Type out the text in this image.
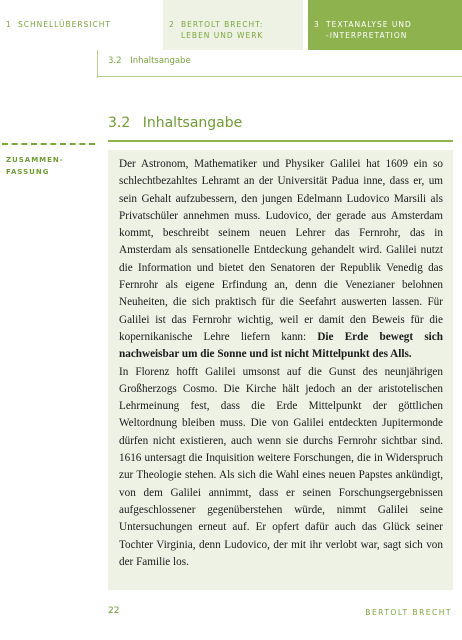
1 SCHNELLÜBERSICHT	2 BERTOLT BRECHT:
LEBEN UND WERK
3 TEXTANALYSE UND
-INTERPRETATION
3.2 Inhaltsangabe
3.2 Inhaltsangabe
ZUSAMMEN-
FASSUNG

Der Astronom, Mathematiker und Physiker Galilei hat 1609 ein so schlechtbezahltes Lehramt an der Universität Padua inne, dass er, um sein Gehalt aufzubessern, den jungen Edelmann Ludovico Marsili als Privatschüler annehmen muss. Ludovico, der gerade aus Amsterdam kommt, beschreibt seinem neuen Lehrer das Fernrohr, das in Amsterdam als sensationelle Entdeckung gehandelt wird. Galilei nutzt die Information und bietet den Senatoren der Republik Venedig das Fernrohr als eigene Erfindung an, denn die Venezianer belohnen Neuheiten, die sich praktisch für die Seefahrt auswerten lassen. Für Galilei ist das Fernrohr wichtig, weil er damit den Beweis für die kopernikanische Lehre liefern kann: Die Erde bewegt sich nachweisbar um die Sonne und ist nicht Mittelpunkt des Alls.

In Florenz hofft Galilei umsonst auf die Gunst des neunjährigen Großherzogs Cosmo. Die Kirche hält jedoch an der aristotelischen Lehrmeinung fest, dass die Erde Mittelpunkt der göttlichen Weltordnung bleiben muss. Die von Galilei entdeckten Jupitermonde dürfen nicht existieren, auch wenn sie durchs Fernrohr sichtbar sind. 1616 untersagt die Inquisition weitere Forschungen, die in Widerspruch zur Theologie stehen. Als sich die Wahl eines neuen Papstes ankündigt, von dem Galilei annimmt, dass er seinen Forschungsergebnissen aufgeschlossener gegenüberstehen würde, nimmt Galilei seine Untersuchungen erneut auf. Er opfert dafür auch das Glück seiner Tochter Virginia, denn Ludovico, der mit ihr verlobt war, sagt sich von der Familie los.

22	BERTOLT BRECHT
